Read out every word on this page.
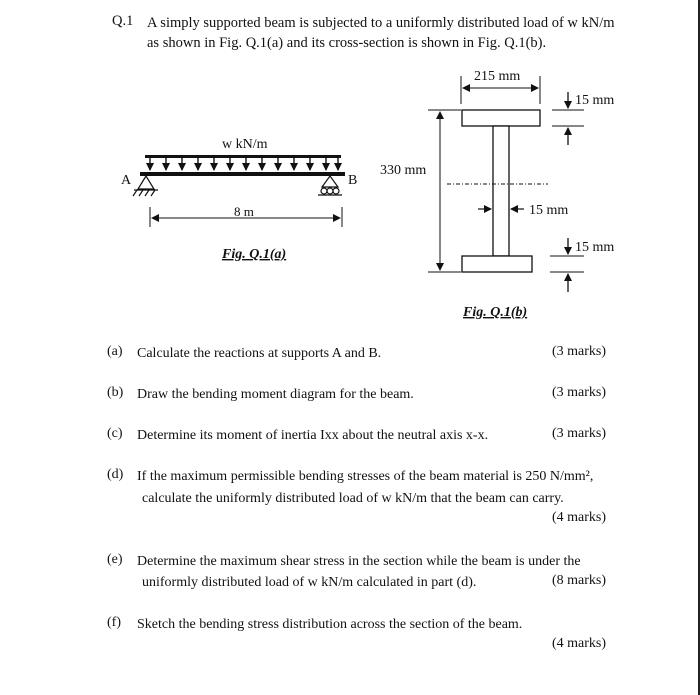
Q.1 A simply supported beam is subjected to a uniformly distributed load of w kN/m
as shown in Fig. Q.1(a) and its cross-section is shown in Fig. Q.1(b).
w kN/m
A	B
8 m
Fig. Q.1(a)
215 mm
330 mm
15 mm
15 mm
15 mm
Fig. Q.1(b)
(a) Calculate the reactions at supports A and B.	(3 marks)
(b) Draw the bending moment diagram for the beam.	(3 marks)
(c) Determine its moment of inertia Ixx about the neutral axis x-x.	(3 marks)
(d) If the maximum permissible bending stresses of the beam material is 250 N/mm²,
calculate the uniformly distributed load of w kN/m that the beam can carry.
(4 marks)
(e) Determine the maximum shear stress in the section while the beam is under the
uniformly distributed load of w kN/m calculated in part (d).	(8 marks)
(f) Sketch the bending stress distribution across the section of the beam.
(4 marks)
